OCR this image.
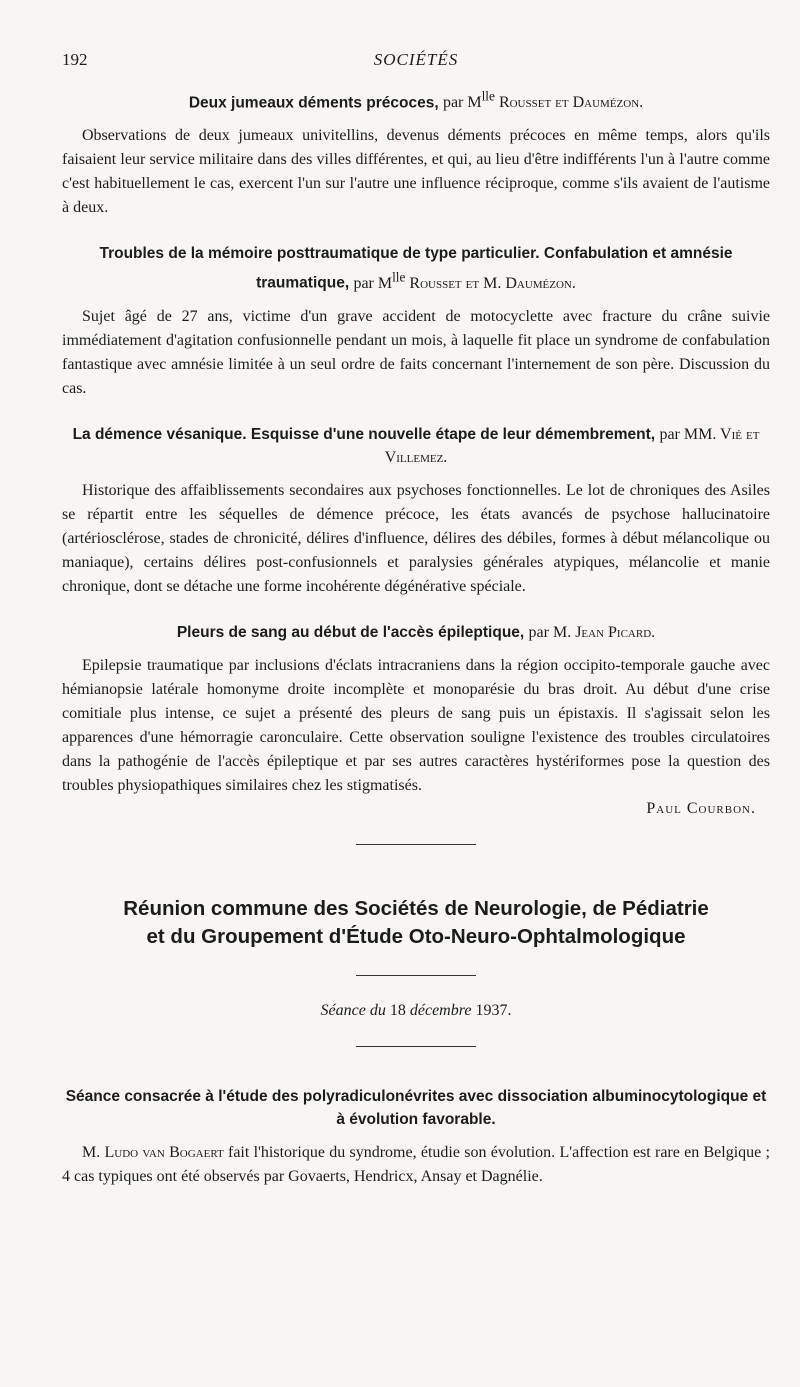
192	SOCIÉTÉS

Deux jumeaux déments précoces, par $M^{lle}$ Rousset et Daumézon.

Observations de deux jumeaux univitellins, devenus déments précoces en même temps, alors qu'ils faisaient leur service militaire dans des villes différentes, et qui, au lieu d'être indifférents l'un à l'autre comme c'est habituellement le cas, exercent l'un sur l'autre une influence réciproque, comme s'ils avaient de l'autisme à deux.

Troubles de la mémoire posttraumatique de type particulier. Confabulation et amnésie traumatique, par $M^{lle}$ Rousset et M. Daumézon.

Sujet âgé de 27 ans, victime d'un grave accident de motocyclette avec fracture du crâne suivie immédiatement d'agitation confusionnelle pendant un mois, à laquelle fit place un syndrome de confabulation fantastique avec amnésie limitée à un seul ordre de faits concernant l'internement de son père. Discussion du cas.

La démence vésanique. Esquisse d'une nouvelle étape de leur démembrement, par MM. Vié et Villemez.

Historique des affaiblissements secondaires aux psychoses fonctionnelles. Le lot de chroniques des Asiles se répartit entre les séquelles de démence précoce, les états avancés de psychose hallucinatoire (artériosclérose, stades de chronicité, délires d'influence, délires des débiles, formes à début mélancolique ou maniaque), certains délires post-confusionnels et paralysies générales atypiques, mélancolie et manie chronique, dont se détache une forme incohérente dégénérative spéciale.

Pleurs de sang au début de l'accès épileptique, par M. Jean Picard.

Epilepsie traumatique par inclusions d'éclats intracraniens dans la région occipito-temporale gauche avec hémianopsie latérale homonyme droite incomplète et monoparésie du bras droit. Au début d'une crise comitiale plus intense, ce sujet a présenté des pleurs de sang puis un épistaxis. Il s'agissait selon les apparences d'une hémorragie caronculaire. Cette observation souligne l'existence des troubles circulatoires dans la pathogénie de l'accès épileptique et par ses autres caractères hystériformes pose la question des troubles physiopathiques similaires chez les stigmatisés.

Paul Courbon.
Réunion commune des Sociétés de Neurologie, de Pédiatrie
et du Groupement d'Étude Oto-Neuro-Ophtalmologique
Séance du 18 décembre 1937.

Séance consacrée à l'étude des polyradiculonévrites avec dissociation albuminocytologique et à évolution favorable.

M. Ludo van Bogaert fait l'historique du syndrome, étudie son évolution. L'affection est rare en Belgique ; 4 cas typiques ont été observés par Govaerts, Hendricx, Ansay et Dagnélie.
